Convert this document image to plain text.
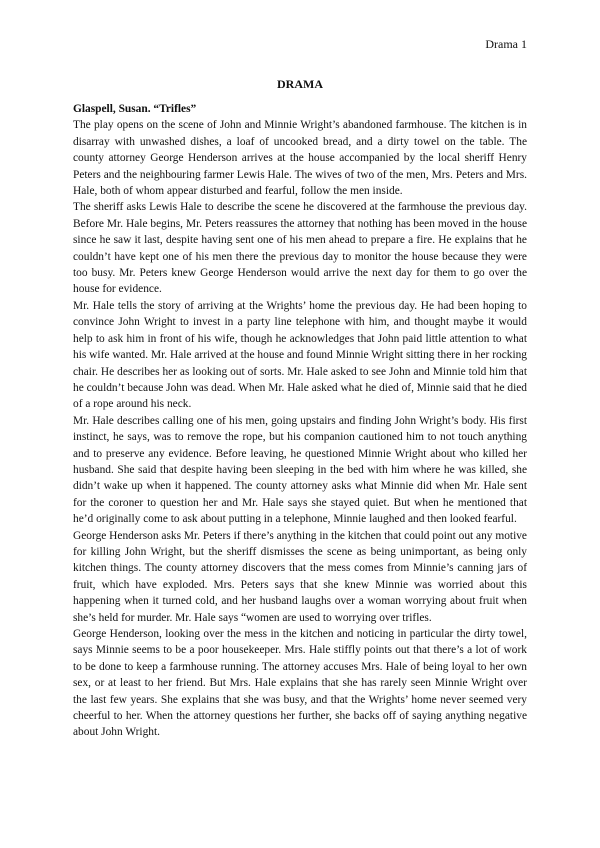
Drama 1
DRAMA

Glaspell, Susan. “Trifles”

The play opens on the scene of John and Minnie Wright’s abandoned farmhouse. The kitchen is in disarray with unwashed dishes, a loaf of uncooked bread, and a dirty towel on the table. The county attorney George Henderson arrives at the house accompanied by the local sheriff Henry Peters and the neighbouring farmer Lewis Hale. The wives of two of the men, Mrs. Peters and Mrs. Hale, both of whom appear disturbed and fearful, follow the men inside.

The sheriff asks Lewis Hale to describe the scene he discovered at the farmhouse the previous day. Before Mr. Hale begins, Mr. Peters reassures the attorney that nothing has been moved in the house since he saw it last, despite having sent one of his men ahead to prepare a fire. He explains that he couldn’t have kept one of his men there the previous day to monitor the house because they were too busy. Mr. Peters knew George Henderson would arrive the next day for them to go over the house for evidence.

Mr. Hale tells the story of arriving at the Wrights’ home the previous day. He had been hoping to convince John Wright to invest in a party line telephone with him, and thought maybe it would help to ask him in front of his wife, though he acknowledges that John paid little attention to what his wife wanted. Mr. Hale arrived at the house and found Minnie Wright sitting there in her rocking chair. He describes her as looking out of sorts. Mr. Hale asked to see John and Minnie told him that he couldn’t because John was dead. When Mr. Hale asked what he died of, Minnie said that he died of a rope around his neck.

Mr. Hale describes calling one of his men, going upstairs and finding John Wright’s body. His first instinct, he says, was to remove the rope, but his companion cautioned him to not touch anything and to preserve any evidence. Before leaving, he questioned Minnie Wright about who killed her husband. She said that despite having been sleeping in the bed with him where he was killed, she didn’t wake up when it happened. The county attorney asks what Minnie did when Mr. Hale sent for the coroner to question her and Mr. Hale says she stayed quiet. But when he mentioned that he’d originally come to ask about putting in a telephone, Minnie laughed and then looked fearful.

George Henderson asks Mr. Peters if there’s anything in the kitchen that could point out any motive for killing John Wright, but the sheriff dismisses the scene as being unimportant, as being only kitchen things. The county attorney discovers that the mess comes from Minnie’s canning jars of fruit, which have exploded. Mrs. Peters says that she knew Minnie was worried about this happening when it turned cold, and her husband laughs over a woman worrying about fruit when she’s held for murder. Mr. Hale says “women are used to worrying over trifles.

George Henderson, looking over the mess in the kitchen and noticing in particular the dirty towel, says Minnie seems to be a poor housekeeper. Mrs. Hale stiffly points out that there’s a lot of work to be done to keep a farmhouse running. The attorney accuses Mrs. Hale of being loyal to her own sex, or at least to her friend. But Mrs. Hale explains that she has rarely seen Minnie Wright over the last few years. She explains that she was busy, and that the Wrights’ home never seemed very cheerful to her. When the attorney questions her further, she backs off of saying anything negative about John Wright.
